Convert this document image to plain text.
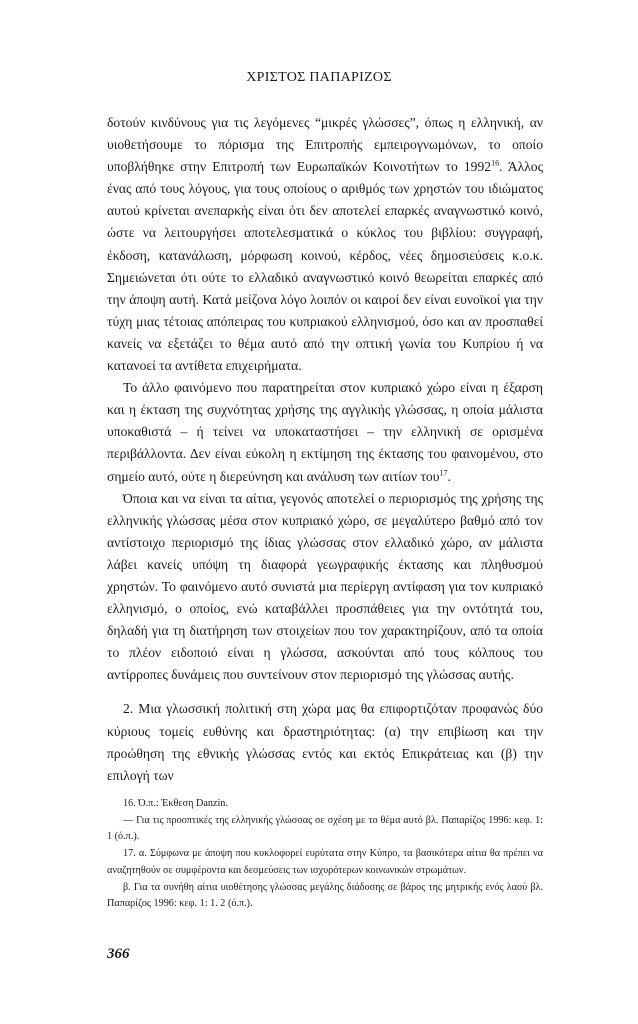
ΧΡΙΣΤΟΣ ΠΑΠΑΡΙΖΟΣ

δοτούν κινδύνους για τις λεγόμενες “μικρές γλώσσες”, όπως η ελληνική, αν υιοθετήσουμε το πόρισμα της Επιτροπής εμπειρογνωμόνων, το οποίο υποβλήθηκε στην Επιτροπή των Ευρωπαϊκών Κοινοτήτων το 1992$^{16}$. Άλλος ένας από τους λόγους, για τους οποίους ο αριθμός των χρηστών του ιδιώματος αυτού κρίνεται ανεπαρκής είναι ότι δεν αποτελεί επαρκές αναγνωστικό κοινό, ώστε να λειτουργήσει αποτελεσματικά ο κύκλος του βιβλίου: συγγραφή, έκδοση, κατανάλωση, μόρφωση κοινού, κέρδος, νέες δημοσιεύσεις κ.ο.κ. Σημειώνεται ότι ούτε το ελλαδικό αναγνωστικό κοινό θεωρείται επαρκές από την άποψη αυτή. Κατά μείζονα λόγο λοιπόν οι καιροί δεν είναι ευνοϊκοί για την τύχη μιας τέτοιας απόπειρας του κυπριακού ελληνισμού, όσο και αν προσπαθεί κανείς να εξετάζει το θέμα αυτό από την οπτική γωνία του Κυπρίου ή να κατανοεί τα αντίθετα επιχειρήματα.

Το άλλο φαινόμενο που παρατηρείται στον κυπριακό χώρο είναι η έξαρση και η έκταση της συχνότητας χρήσης της αγγλικής γλώσσας, η οποία μάλιστα υποκαθιστά – ή τείνει να υποκαταστήσει – την ελληνική σε ορισμένα περιβάλλοντα. Δεν είναι εύκολη η εκτίμηση της έκτασης του φαινομένου, στο σημείο αυτό, ούτε η διερεύνηση και ανάλυση των αιτίων του$^{17}$.

Όποια και να είναι τα αίτια, γεγονός αποτελεί ο περιορισμός της χρήσης της ελληνικής γλώσσας μέσα στον κυπριακό χώρο, σε μεγαλύτερο βαθμό από τον αντίστοιχο περιορισμό της ίδιας γλώσσας στον ελλαδικό χώρο, αν μάλιστα λάβει κανείς υπόψη τη διαφορά γεωγραφικής έκτασης και πληθυσμού χρηστών. Το φαινόμενο αυτό συνιστά μια περίεργη αντίφαση για τον κυπριακό ελληνισμό, ο οποίος, ενώ καταβάλλει προσπάθειες για την οντότητά του, δηλαδή για τη διατήρηση των στοιχείων που τον χαρακτηρίζουν, από τα οποία το πλέον ειδοποιό είναι η γλώσσα, ασκούνται από τους κόλπους του αντίρροπες δυνάμεις που συντείνουν στον περιορισμό της γλώσσας αυτής.

2. Μια γλωσσική πολιτική στη χώρα μας θα επιφορτιζόταν προφανώς δύο κύριους τομείς ευθύνης και δραστηριότητας: (α) την επιβίωση και την προώθηση της εθνικής γλώσσας εντός και εκτός Επικράτειας και (β) την επιλογή των

16. Ό.π.: Έκθεση Danzin.

— Για τις προοπτικές της ελληνικής γλώσσας σε σχέση με το θέμα αυτό βλ. Παπαρίζος 1996: κεφ. 1: 1 (ό.π.).

17. α. Σύμφωνα με άποψη που κυκλοφορεί ευρύτατα στην Κύπρο, τα βασικότερα αίτια θα πρέπει να αναζητηθούν σε συμφέροντα και δεσμεύσεις των ισχυρότερων κοινωνικών στρωμάτων.

β. Για τα συνήθη αίτια υιοθέτησης γλώσσας μεγάλης διάδοσης σε βάρος της μητρικής ενός λαού βλ. Παπαρίζος 1996: κεφ. 1: 1. 2 (ό.π.).

366
